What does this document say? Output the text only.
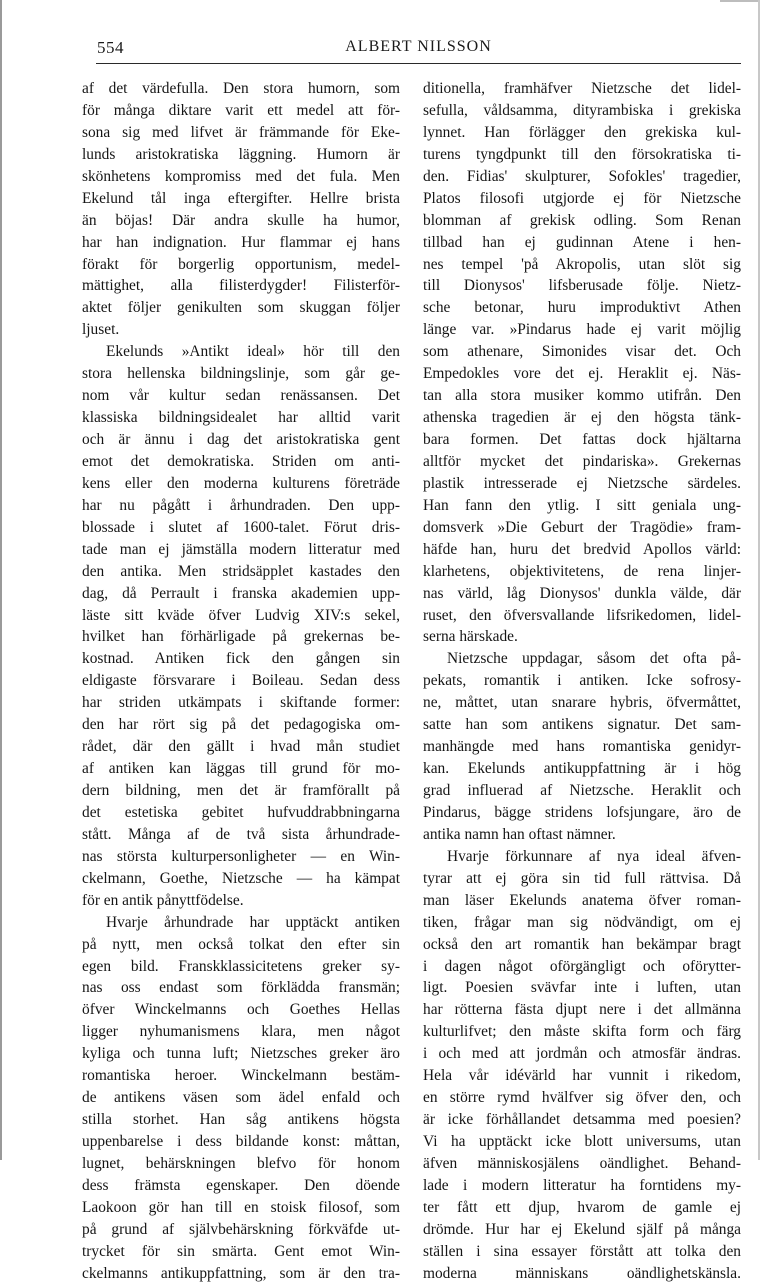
554	ALBERT NILSSON
af det värdefulla. Den stora humorn, som
för många diktare varit ett medel att för-
sona sig med lifvet är främmande för Eke-
lunds aristokratiska läggning. Humorn är
skönhetens kompromiss med det fula. Men
Ekelund tål inga eftergifter. Hellre brista
än böjas! Där andra skulle ha humor,
har han indignation. Hur flammar ej hans
förakt för borgerlig opportunism, medel-
mättighet, alla filisterdygder! Filisterför-
aktet följer genikulten som skuggan följer
ljuset.
Ekelunds »Antikt ideal» hör till den
stora hellenska bildningslinje, som går ge-
nom vår kultur sedan renässansen. Det
klassiska bildningsidealet har alltid varit
och är ännu i dag det aristokratiska gent
emot det demokratiska. Striden om anti-
kens eller den moderna kulturens företräde
har nu pågått i århundraden. Den upp-
blossade i slutet af 1600-talet. Förut dris-
tade man ej jämställa modern litteratur med
den antika. Men stridsäpplet kastades den
dag, då Perrault i franska akademien upp-
läste sitt kväde öfver Ludvig XIV:s sekel,
hvilket han förhärligade på grekernas be-
kostnad. Antiken fick den gången sin
eldigaste försvarare i Boileau. Sedan dess
har striden utkämpats i skiftande former:
den har rört sig på det pedagogiska om-
rådet, där den gällt i hvad mån studiet
af antiken kan läggas till grund för mo-
dern bildning, men det är framförallt på
det estetiska gebitet hufvuddrabbningarna
stått. Många af de två sista århundrade-
nas största kulturpersonligheter — en Win-
ckelmann, Goethe, Nietzsche — ha kämpat
för en antik pånyttfödelse.
Hvarje århundrade har upptäckt antiken
på nytt, men också tolkat den efter sin
egen bild. Franskklassicitetens greker sy-
nas oss endast som förklädda fransmän;
öfver Winckelmanns och Goethes Hellas
ligger nyhumanismens klara, men något
kyliga och tunna luft; Nietzsches greker äro
romantiska heroer. Winckelmann bestäm-
de antikens väsen som ädel enfald och
stilla storhet. Han såg antikens högsta
uppenbarelse i dess bildande konst: måttan,
lugnet, behärskningen blefvo för honom
dess främsta egenskaper. Den döende
Laokoon gör han till en stoisk filosof, som
på grund af självbehärskning förkväfde ut-
trycket för sin smärta. Gent emot Win-
ckelmanns antikuppfattning, som är den tra-
ditionella, framhäfver Nietzsche det lidel-
sefulla, våldsamma, dityrambiska i grekiska
lynnet. Han förlägger den grekiska kul-
turens tyngdpunkt till den försokratiska ti-
den. Fidias' skulpturer, Sofokles' tragedier,
Platos filosofi utgjorde ej för Nietzsche
blomman af grekisk odling. Som Renan
tillbad han ej gudinnan Atene i hen-
nes tempel 'på Akropolis, utan slöt sig
till Dionysos' lifsberusade följe. Nietz-
sche betonar, huru improduktivt Athen
länge var. »Pindarus hade ej varit möjlig
som athenare, Simonides visar det. Och
Empedokles vore det ej. Heraklit ej. Näs-
tan alla stora musiker kommo utifrån. Den
athenska tragedien är ej den högsta tänk-
bara formen. Det fattas dock hjältarna
alltför mycket det pindariska». Grekernas
plastik intresserade ej Nietzsche särdeles.
Han fann den ytlig. I sitt geniala ung-
domsverk »Die Geburt der Tragödie» fram-
häfde han, huru det bredvid Apollos värld:
klarhetens, objektivitetens, de rena linjer-
nas värld, låg Dionysos' dunkla välde, där
ruset, den öfversvallande lifsrikedomen, lidel-
serna härskade.
Nietzsche uppdagar, såsom det ofta på-
pekats, romantik i antiken. Icke sofrosy-
ne, måttet, utan snarare hybris, öfvermåttet,
satte han som antikens signatur. Det sam-
manhängde med hans romantiska genidyr-
kan. Ekelunds antikuppfattning är i hög
grad influerad af Nietzsche. Heraklit och
Pindarus, bägge stridens lofsjungare, äro de
antika namn han oftast nämner.
Hvarje förkunnare af nya ideal äfven-
tyrar att ej göra sin tid full rättvisa. Då
man läser Ekelunds anatema öfver roman-
tiken, frågar man sig nödvändigt, om ej
också den art romantik han bekämpar bragt
i dagen något oförgängligt och oförytter-
ligt. Poesien svävfar inte i luften, utan
har rötterna fästa djupt nere i det allmänna
kulturlifvet; den måste skifta form och färg
i och med att jordmån och atmosfär ändras.
Hela vår idévärld har vunnit i rikedom,
en större rymd hvälfver sig öfver den, och
är icke förhållandet detsamma med poesien?
Vi ha upptäckt icke blott universums, utan
äfven människosjälens oändlighet. Behand-
lade i modern litteratur ha forntidens my-
ter fått ett djup, hvarom de gamle ej
drömde. Hur har ej Ekelund själf på många
ställen i sina essayer förstått att tolka den
moderna människans oändlighetskänsla.
